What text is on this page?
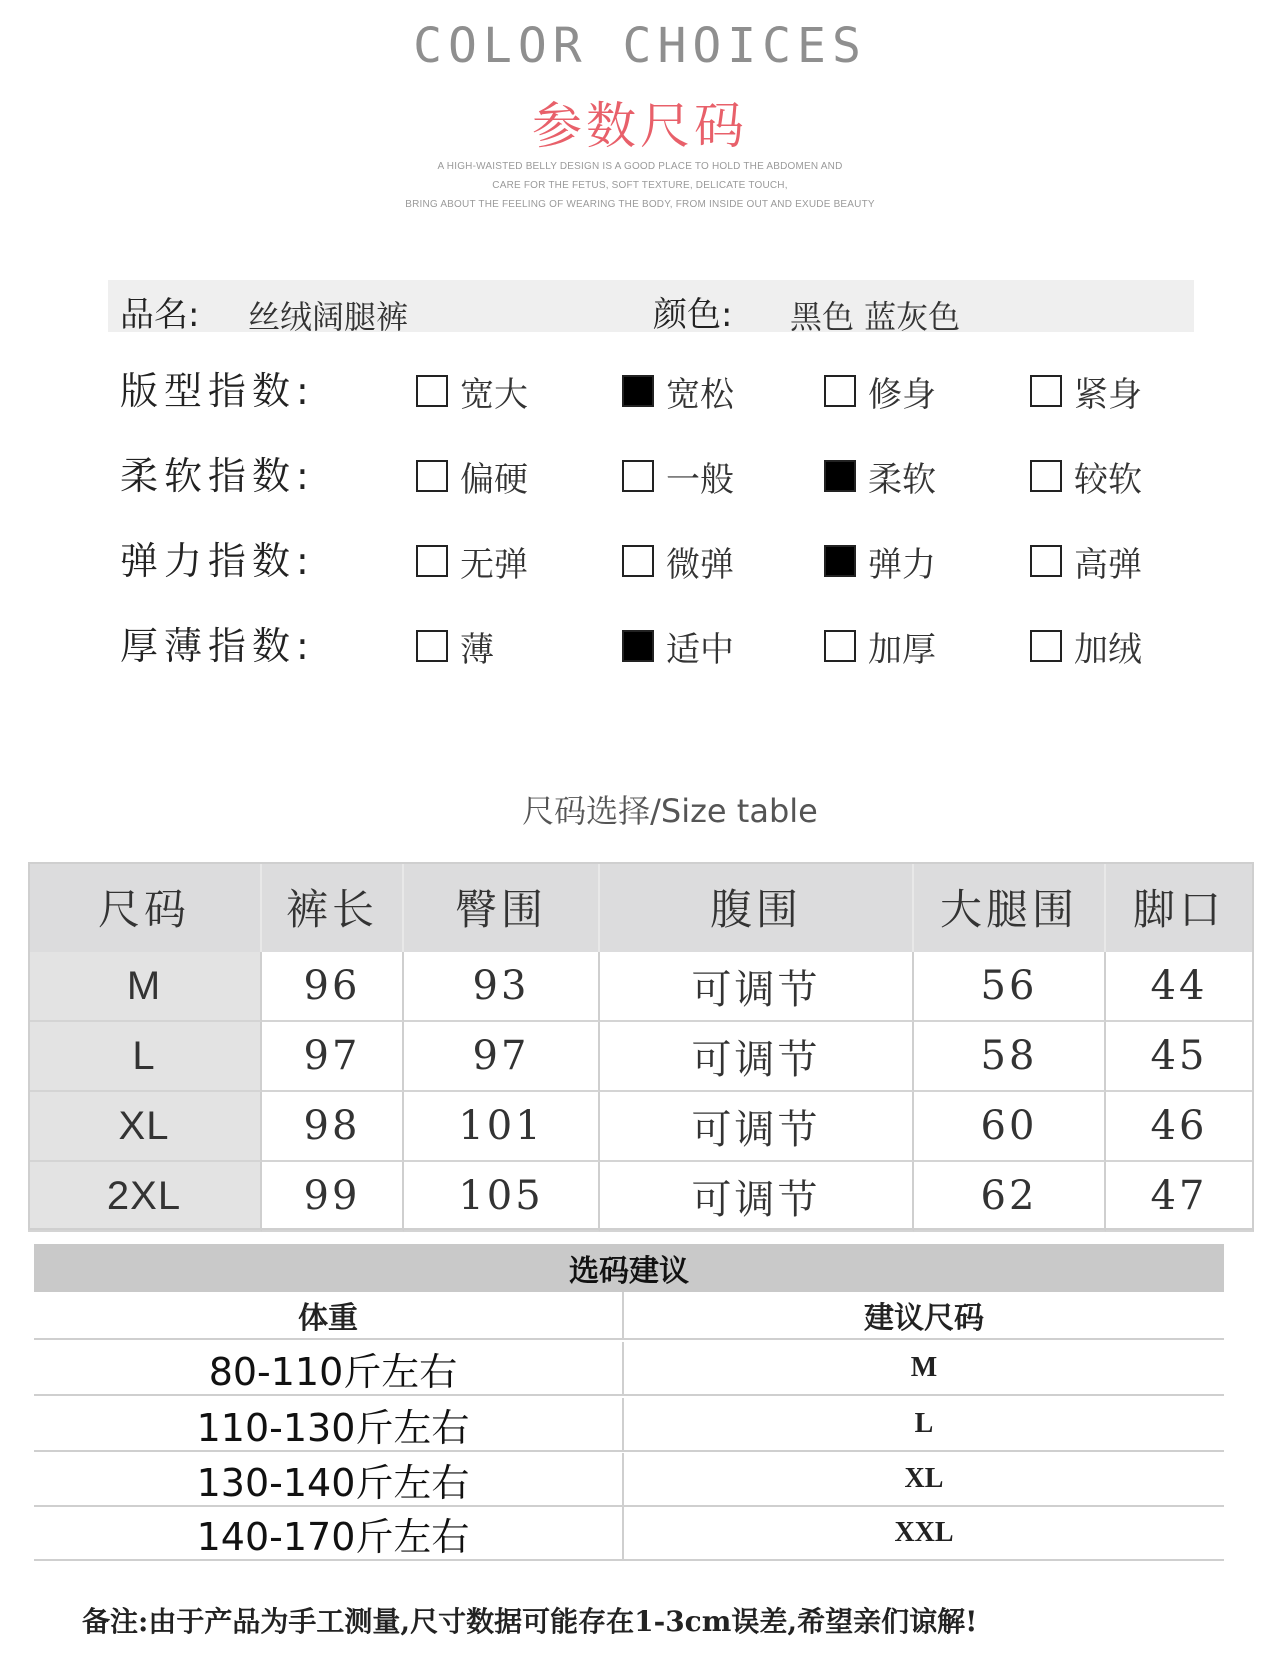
COLOR CHOICES
参数尺码
A HIGH-WAISTED BELLY DESIGN IS A GOOD PLACE TO HOLD THE ABDOMEN AND
CARE FOR THE FETUS, SOFT TEXTURE, DELICATE TOUCH,
BRING ABOUT THE FEELING OF WEARING THE BODY, FROM INSIDE OUT AND EXUDE BEAUTY
品名: 丝绒阔腿裤	颜色: 黑色 蓝灰色
版型指数:	宽大	宽松	修身	紧身
柔软指数:	偏硬	一般	柔软	较软
弹力指数:	无弹	微弹	弹力	高弹
厚薄指数:	薄	适中	加厚	加绒
尺码选择/Size table
尺码	裤长	臀围	腹围	大腿围	脚口
M	96	93	可调节	56	44
L	97	97	可调节	58	45
XL	98	101	可调节	60	46
2XL	99	105	可调节	62	47
选码建议
体重	建议尺码
80-110斤左右	M
110-130斤左右	L
130-140斤左右	XL
140-170斤左右	XXL
备注:由于产品为手工测量,尺寸数据可能存在1-3cm误差,希望亲们谅解!
